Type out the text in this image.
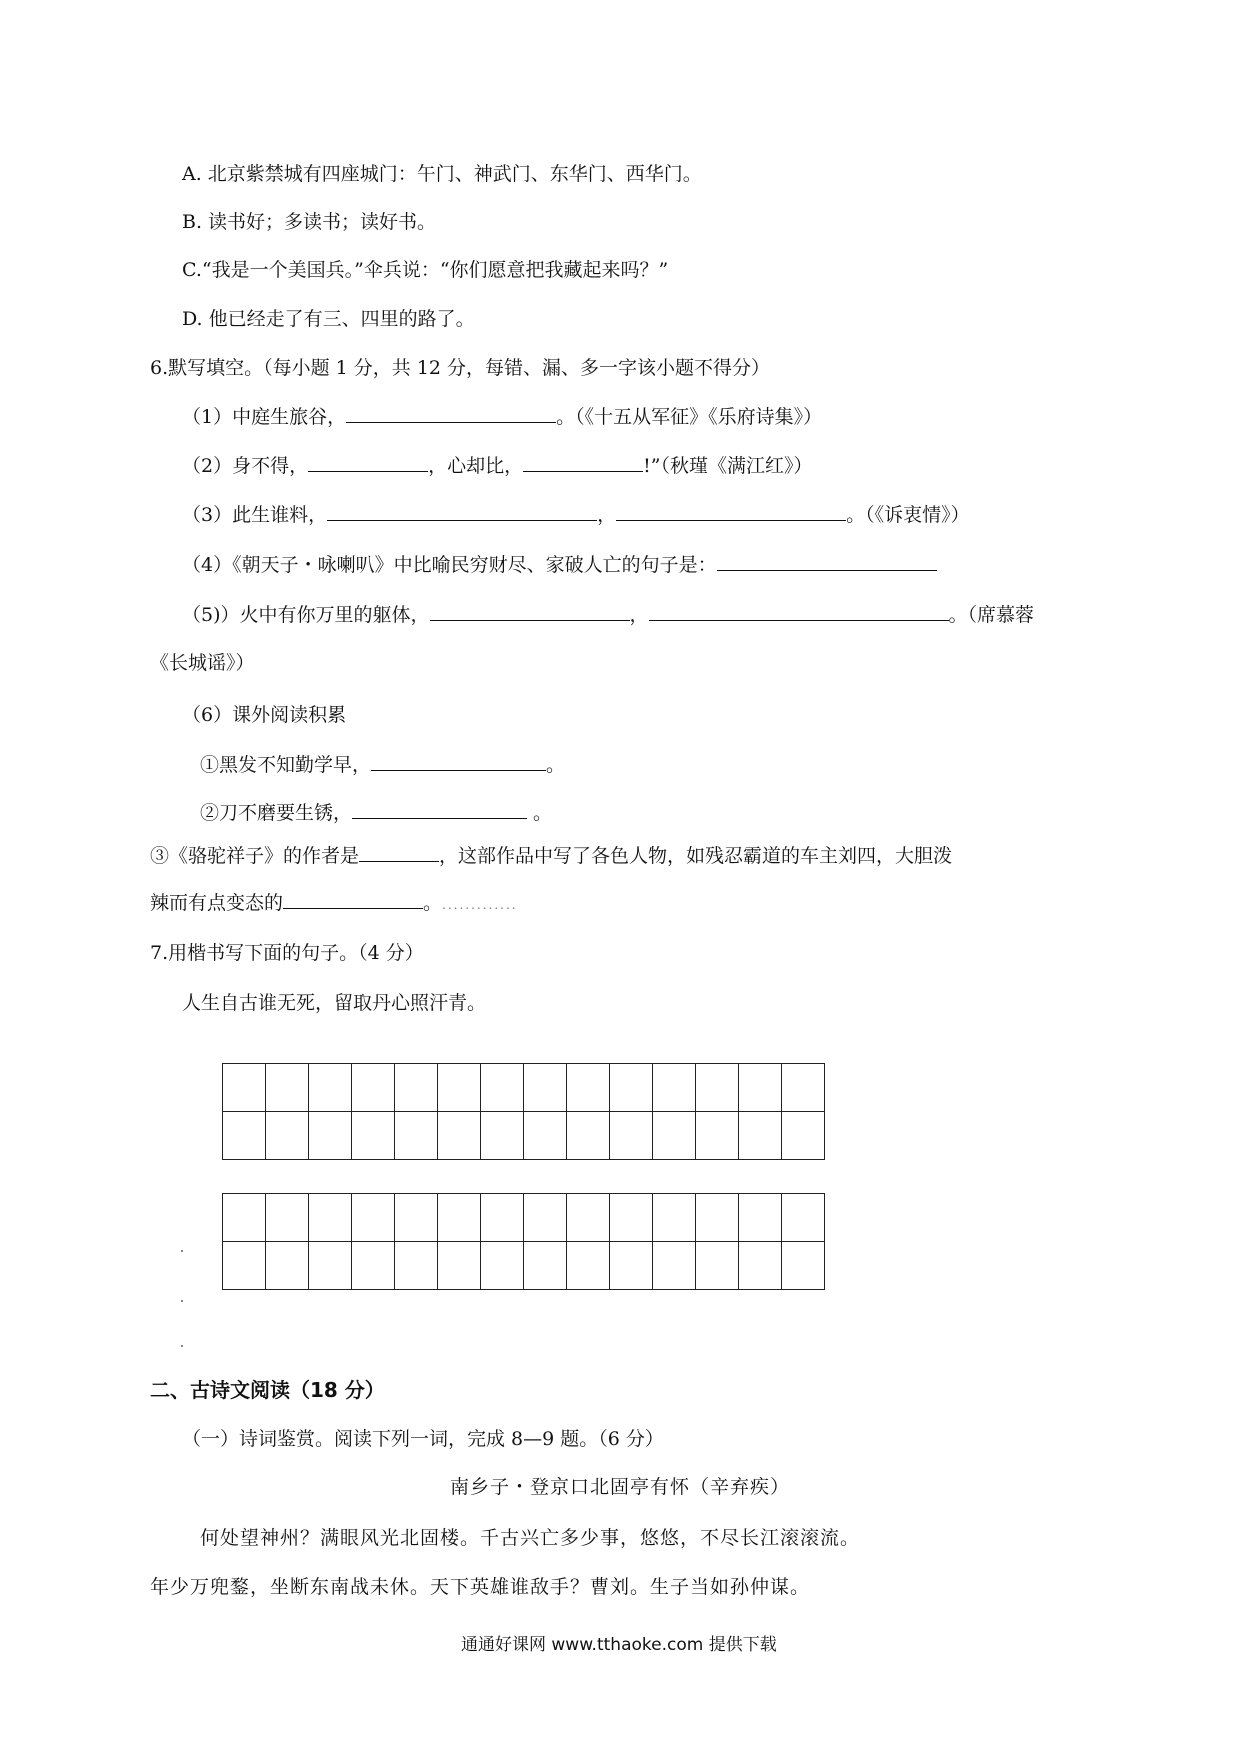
A. 北京紫禁城有四座城门：午门、神武门、东华门、西华门。
B. 读书好；多读书；读好书。
C.“我是一个美国兵。”伞兵说：“你们愿意把我藏起来吗？”
D. 他已经走了有三、四里的路了。
6.默写填空。（每小题 1 分，共 12 分，每错、漏、多一字该小题不得分）
（1）中庭生旅谷，	。（《十五从军征》《乐府诗集》）
（2）身不得，	，心却比，	!”（秋瑾《满江红》）
（3）此生谁料，	，	。（《诉衷情》）
（4）《朝天子・咏喇叭》中比喻民穷财尽、家破人亡的句子是：
（5)）火中有你万里的躯体，	，	。（席慕蓉
《长城谣》）
（6）课外阅读积累
①黑发不知勤学早，	。
②刀不磨要生锈，	。
③《骆驼祥子》的作者是	，这部作品中写了各色人物，如残忍霸道的车主刘四，大胆泼
辣而有点变态的	。.............
7.用楷书写下面的句子。（4 分）
人生自古谁无死，留取丹心照汗青。

二、古诗文阅读（18 分）
（一）诗词鉴赏。阅读下列一词，完成 8—9 题。（6 分）
南乡子・登京口北固亭有怀（辛弃疾）
何处望神州？满眼风光北固楼。千古兴亡多少事，悠悠，不尽长江滚滚流。
年少万兜鍪，坐断东南战未休。天下英雄谁敌手？曹刘。生子当如孙仲谋。
通通好课网 www.tthaoke.com 提供下载
